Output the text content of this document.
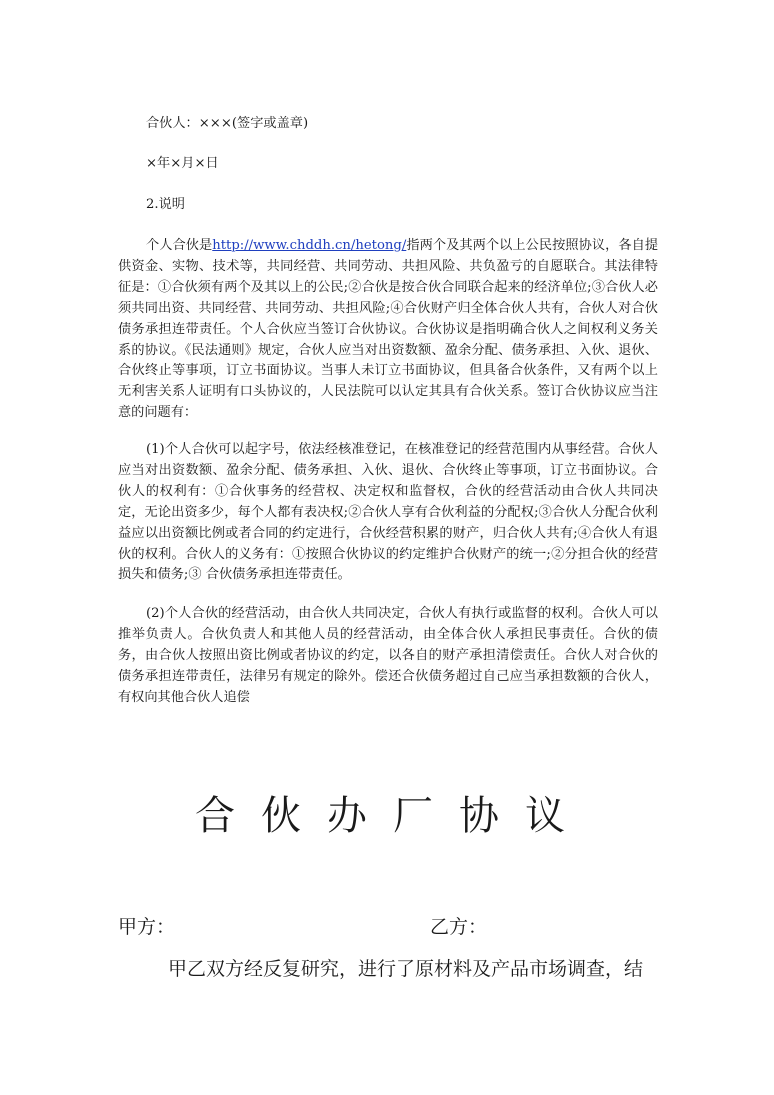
合伙人：×××(签字或盖章)
×年×月×日
2.说明
个人合伙是http://www.chddh.cn/hetong/指两个及其两个以上公民按照协议，各自提供资金、实物、技术等，共同经营、共同劳动、共担风险、共负盈亏的自愿联合。其法律特征是：①合伙须有两个及其以上的公民;②合伙是按合伙合同联合起来的经济单位;③合伙人必须共同出资、共同经营、共同劳动、共担风险;④合伙财产归全体合伙人共有，合伙人对合伙债务承担连带责任。个人合伙应当签订合伙协议。合伙协议是指明确合伙人之间权利义务关系的协议。《民法通则》规定，合伙人应当对出资数额、盈余分配、债务承担、入伙、退伙、合伙终止等事项，订立书面协议。当事人未订立书面协议，但具备合伙条件，又有两个以上无利害关系人证明有口头协议的，人民法院可以认定其具有合伙关系。签订合伙协议应当注意的问题有：
(1)个人合伙可以起字号，依法经核准登记，在核准登记的经营范围内从事经营。合伙人应当对出资数额、盈余分配、债务承担、入伙、退伙、合伙终止等事项，订立书面协议。合伙人的权利有：①合伙事务的经营权、决定权和监督权，合伙的经营活动由合伙人共同决定，无论出资多少，每个人都有表决权;②合伙人享有合伙利益的分配权;③合伙人分配合伙利益应以出资额比例或者合同的约定进行，合伙经营积累的财产，归合伙人共有;④合伙人有退伙的权利。合伙人的义务有：①按照合伙协议的约定维护合伙财产的统一;②分担合伙的经营损失和债务;③ 合伙债务承担连带责任。
(2)个人合伙的经营活动，由合伙人共同决定，合伙人有执行或监督的权利。合伙人可以推举负责人。合伙负责人和其他人员的经营活动，由全体合伙人承担民事责任。合伙的债务，由合伙人按照出资比例或者协议的约定，以各自的财产承担清偿责任。合伙人对合伙的债务承担连带责任，法律另有规定的除外。偿还合伙债务超过自己应当承担数额的合伙人，有权向其他合伙人追偿
合伙办厂协议
甲方：	乙方：
甲乙双方经反复研究，进行了原材料及产品市场调查，结
